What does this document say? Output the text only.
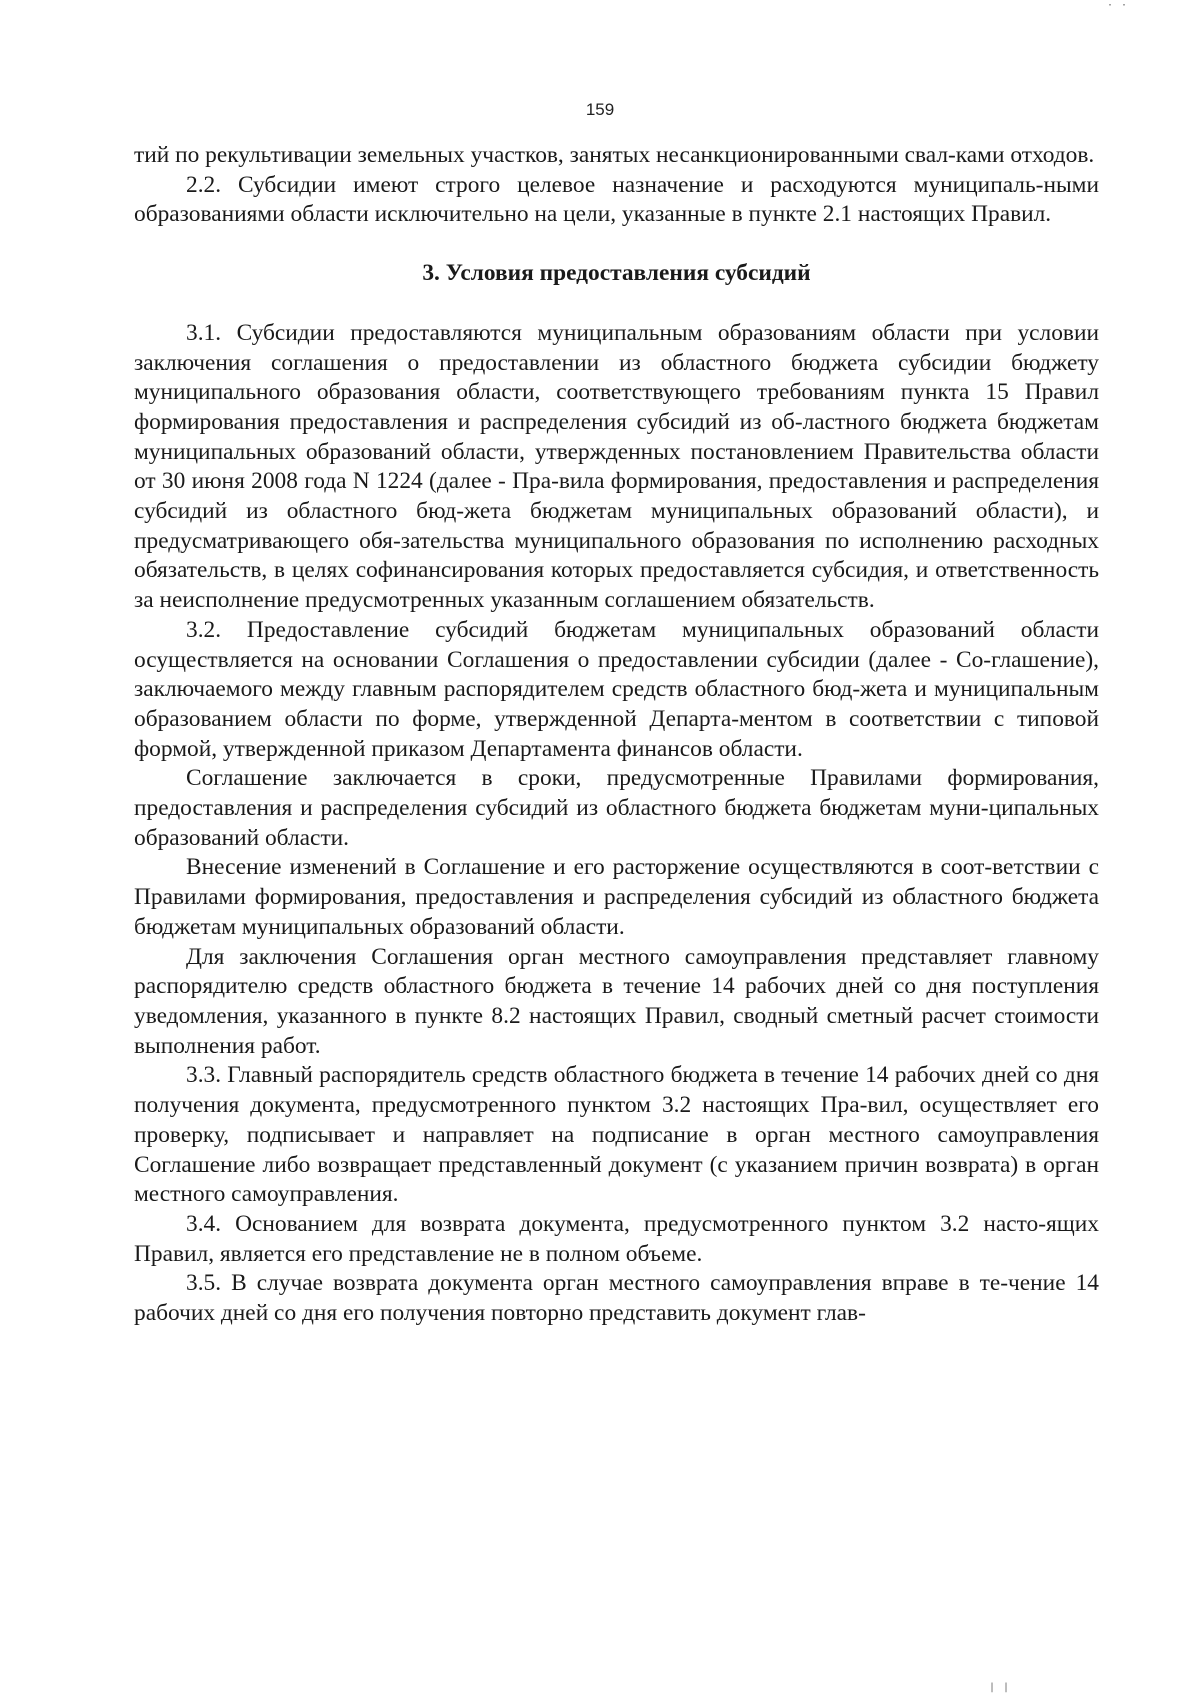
159

тий по рекультивации земельных участков, занятых несанкционированными свал-ками отходов.

2.2. Субсидии имеют строго целевое назначение и расходуются муниципаль-ными образованиями области исключительно на цели, указанные в пункте 2.1 настоящих Правил.

3. Условия предоставления субсидий

3.1. Субсидии предоставляются муниципальным образованиям области при условии заключения соглашения о предоставлении из областного бюджета субсидии бюджету муниципального образования области, соответствующего требованиям пункта 15 Правил формирования предоставления и распределения субсидий из об-ластного бюджета бюджетам муниципальных образований области, утвержденных постановлением Правительства области от 30 июня 2008 года N 1224 (далее - Пра-вила формирования, предоставления и распределения субсидий из областного бюд-жета бюджетам муниципальных образований области), и предусматривающего обя-зательства муниципального образования по исполнению расходных обязательств, в целях софинансирования которых предоставляется субсидия, и ответственность за неисполнение предусмотренных указанным соглашением обязательств.

3.2. Предоставление субсидий бюджетам муниципальных образований области осуществляется на основании Соглашения о предоставлении субсидии (далее - Со-глашение), заключаемого между главным распорядителем средств областного бюд-жета и муниципальным образованием области по форме, утвержденной Департа-ментом в соответствии с типовой формой, утвержденной приказом Департамента финансов области.

Соглашение заключается в сроки, предусмотренные Правилами формирования, предоставления и распределения субсидий из областного бюджета бюджетам муни-ципальных образований области.

Внесение изменений в Соглашение и его расторжение осуществляются в соот-ветствии с Правилами формирования, предоставления и распределения субсидий из областного бюджета бюджетам муниципальных образований области.

Для заключения Соглашения орган местного самоуправления представляет главному распорядителю средств областного бюджета в течение 14 рабочих дней со дня поступления уведомления, указанного в пункте 8.2 настоящих Правил, сводный сметный расчет стоимости выполнения работ.

3.3. Главный распорядитель средств областного бюджета в течение 14 рабочих дней со дня получения документа, предусмотренного пунктом 3.2 настоящих Пра-вил, осуществляет его проверку, подписывает и направляет на подписание в орган местного самоуправления Соглашение либо возвращает представленный документ (с указанием причин возврата) в орган местного самоуправления.

3.4. Основанием для возврата документа, предусмотренного пунктом 3.2 насто-ящих Правил, является его представление не в полном объеме.

3.5. В случае возврата документа орган местного самоуправления вправе в те-чение 14 рабочих дней со дня его получения повторно представить документ глав-

· ·
| |
